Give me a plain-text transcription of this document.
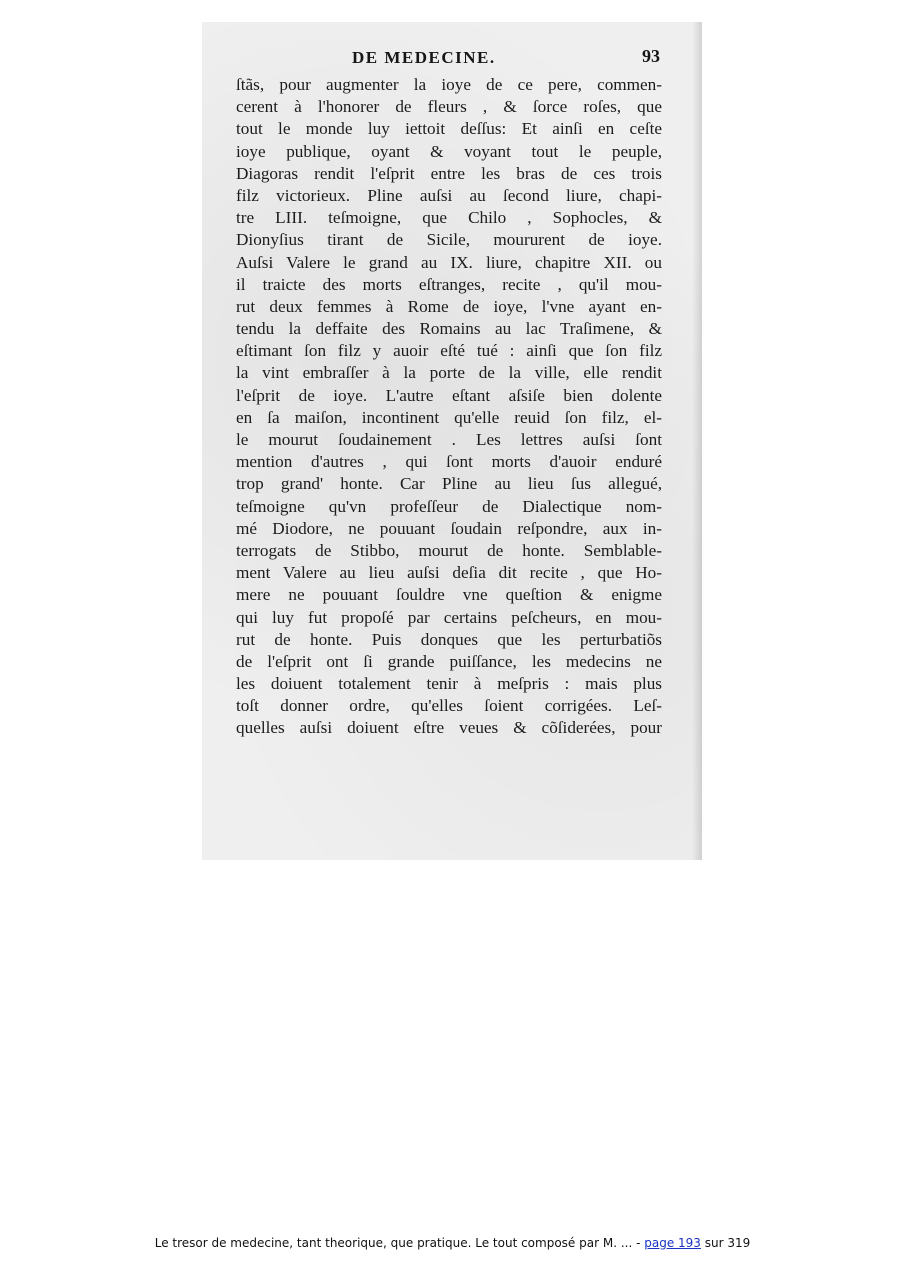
DE MEDECINE.	93
ſtãs, pour augmenter la ioye de ce pere, commen-
cerent à l'honorer de fleurs , & ſorce roſes, que
tout le monde luy iettoit deſſus: Et ainſi en ceſte
ioye publique, oyant & voyant tout le peuple,
Diagoras rendit l'eſprit entre les bras de ces trois
filz victorieux. Pline auſsi au ſecond liure, chapi-
tre LIII. teſmoigne, que Chilo , Sophocles, &
Dionyſius tirant de Sicile, moururent de ioye.
Auſsi Valere le grand au IX. liure, chapitre XII. ou
il traicte des morts eſtranges, recite , qu'il mou-
rut deux femmes à Rome de ioye, l'vne ayant en-
tendu la deffaite des Romains au lac Traſimene, &
eſtimant ſon filz y auoir eſté tué : ainſi que ſon filz
la vint embraſſer à la porte de la ville, elle rendit
l'eſprit de ioye. L'autre eſtant aſsiſe bien dolente
en ſa maiſon, incontinent qu'elle reuid ſon filz, el-
le mourut ſoudainement . Les lettres auſsi ſont
mention d'autres , qui ſont morts d'auoir enduré
trop grand' honte. Car Pline au lieu ſus allegué,
teſmoigne qu'vn profeſſeur de Dialectique nom-
mé Diodore, ne pouuant ſoudain reſpondre, aux in-
terrogats de Stibbo, mourut de honte. Semblable-
ment Valere au lieu auſsi deſia dit recite , que Ho-
mere ne pouuant ſouldre vne queſtion & enigme
qui luy fut propoſé par certains peſcheurs, en mou-
rut de honte. Puis donques que les perturbatiõs
de l'eſprit ont ſi grande puiſſance, les medecins ne
les doiuent totalement tenir à meſpris : mais plus
toſt donner ordre, qu'elles ſoient corrigées. Leſ-
quelles auſsi doiuent eſtre veues & cõſiderées, pour
Le tresor de medecine, tant theorique, que pratique. Le tout composé par M. ... - page 193 sur 319
